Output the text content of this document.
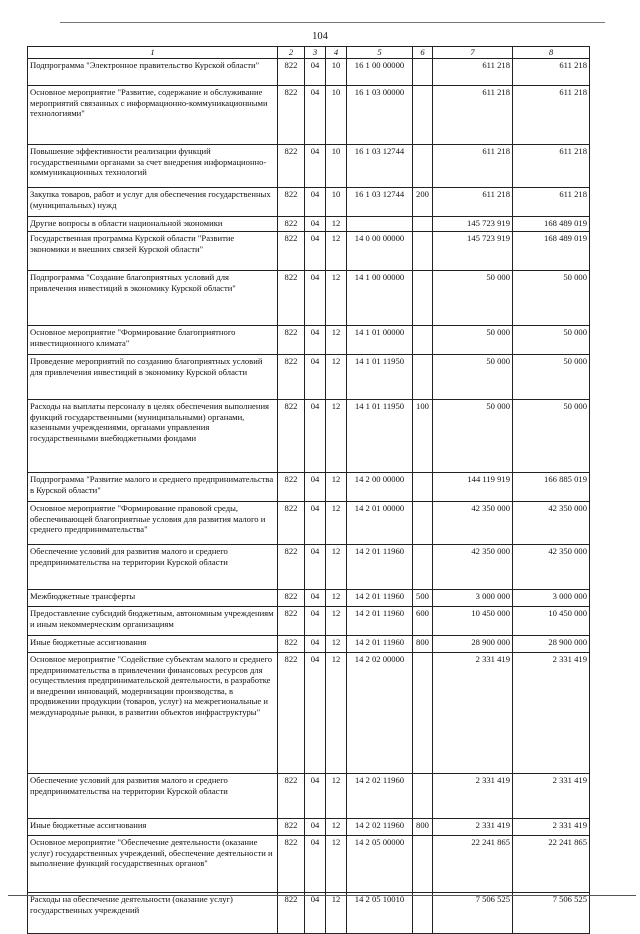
104
1	2	3	4	5	6	7	8
Подпрограмма "Электронное правительство Курской области"	822	04	10	16 1 00 00000		611 218	611 218
Основное мероприятие "Развитие, содержание и обслуживание мероприятий связанных с информационно-коммуникационными технологиями"	822	04	10	16 1 03 00000		611 218	611 218
Повышение эффективности реализации функций государственными органами за счет внедрения информационно-коммуникационных технологий	822	04	10	16 1 03 12744		611 218	611 218
Закупка товаров, работ и услуг для обеспечения государственных (муниципальных) нужд	822	04	10	16 1 03 12744	200	611 218	611 218
Другие вопросы в области национальной экономики	822	04	12			145 723 919	168 489 019
Государственная программа Курской области "Развитие экономики и внешних связей Курской области"	822	04	12	14 0 00 00000		145 723 919	168 489 019
Подпрограмма "Создание благоприятных условий для привлечения инвестиций в экономику Курской области"	822	04	12	14 1 00 00000		50 000	50 000
Основное мероприятие "Формирование благоприятного инвестиционного климата"	822	04	12	14 1 01 00000		50 000	50 000
Проведение мероприятий по созданию благоприятных условий для привлечения инвестиций в экономику Курской области	822	04	12	14 1 01 11950		50 000	50 000
Расходы на выплаты персоналу в целях обеспечения выполнения функций государственными (муниципальными) органами, казенными учреждениями, органами управления государственными внебюджетными фондами	822	04	12	14 1 01 11950	100	50 000	50 000
Подпрограмма "Развитие малого и среднего предпринимательства в Курской области"	822	04	12	14 2 00 00000		144 119 919	166 885 019
Основное мероприятие "Формирование правовой среды, обеспечивающей благоприятные условия для развития малого и среднего предпринимательства"	822	04	12	14 2 01 00000		42 350 000	42 350 000
Обеспечение условий для развития малого и среднего предпринимательства на территории Курской области	822	04	12	14 2 01 11960		42 350 000	42 350 000
Межбюджетные трансферты	822	04	12	14 2 01 11960	500	3 000 000	3 000 000
Предоставление субсидий бюджетным, автономным учреждениям и иным некоммерческим организациям	822	04	12	14 2 01 11960	600	10 450 000	10 450 000
Иные бюджетные ассигнования	822	04	12	14 2 01 11960	800	28 900 000	28 900 000
Основное мероприятие "Содействие субъектам малого и среднего предпринимательства в привлечении финансовых ресурсов для осуществления предпринимательской деятельности, в разработке и внедрении инноваций, модернизации производства, в продвижении продукции (товаров, услуг) на межрегиональные и международные рынки, в развитии объектов инфраструктуры"	822	04	12	14 2 02 00000		2 331 419	2 331 419
Обеспечение условий для развития малого и среднего предпринимательства на территории Курской области	822	04	12	14 2 02 11960		2 331 419	2 331 419
Иные бюджетные ассигнования	822	04	12	14 2 02 11960	800	2 331 419	2 331 419
Основное мероприятие "Обеспечение деятельности (оказание услуг) государственных учреждений, обеспечение деятельности и выполнение функций государственных органов"	822	04	12	14 2 05 00000		22 241 865	22 241 865
Расходы на обеспечение деятельности (оказание услуг) государственных учреждений	822	04	12	14 2 05 10010		7 506 525	7 506 525
